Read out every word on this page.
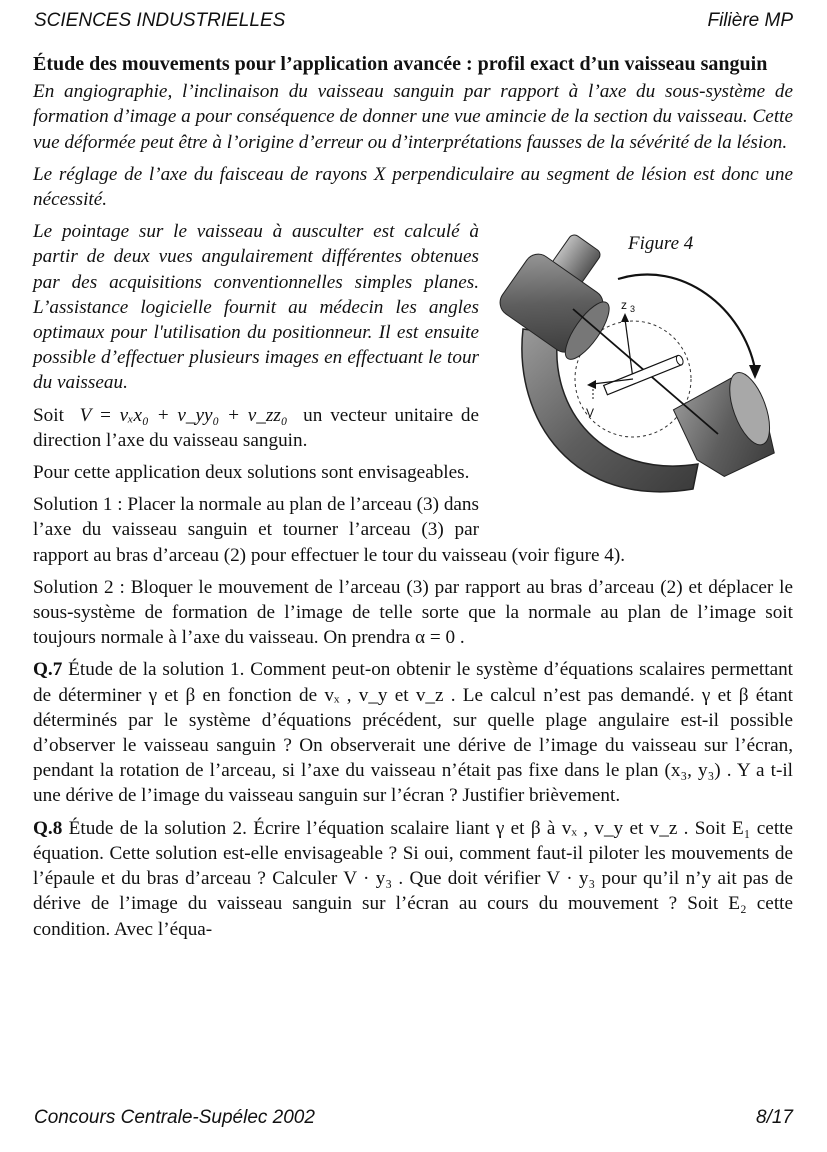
SCIENCES INDUSTRIELLES	Filière MP

Étude des mouvements pour l’application avancée : profil exact d’un vaisseau sanguin

En angiographie, l’inclinaison du vaisseau sanguin par rapport à l’axe du sous-système de formation d’image a pour conséquence de donner une vue amincie de la section du vaisseau. Cette vue déformée peut être à l’origine d’erreur ou d’interprétations fausses de la sévérité de la lésion.

Le réglage de l’axe du faisceau de rayons X perpendiculaire au segment de lésion est donc une nécessité.

z 3
V
Figure 4

Le pointage sur le vaisseau à ausculter est calculé à partir de deux vues angulairement différentes obtenues par des acquisitions conventionnelles simples planes. L’assistance logicielle fournit au médecin les angles optimaux pour l'utilisation du positionneur. Il est ensuite possible d’effectuer plusieurs images en effectuant le tour du vaisseau.

Soit V = vₓx₀ + v_yy₀ + v_zz₀ un vecteur unitaire de direction l’axe du vaisseau sanguin.

Pour cette application deux solutions sont envisageables.

Solution 1 : Placer la normale au plan de l’arceau (3) dans l’axe du vaisseau sanguin et tourner l’arceau (3) par rapport au bras d’arceau (2) pour effectuer le tour du vaisseau (voir figure 4).

Solution 2 : Bloquer le mouvement de l’arceau (3) par rapport au bras d’arceau (2) et déplacer le sous-système de formation de l’image de telle sorte que la normale au plan de l’image soit toujours normale à l’axe du vaisseau. On prendra α = 0 .

Q.7 Étude de la solution 1. Comment peut-on obtenir le système d’équations scalaires permettant de déterminer γ et β en fonction de vₓ , v_y et v_z . Le calcul n’est pas demandé. γ et β étant déterminés par le système d’équations précédent, sur quelle plage angulaire est-il possible d’observer le vaisseau sanguin ? On observerait une dérive de l’image du vaisseau sur l’écran, pendant la rotation de l’arceau, si l’axe du vaisseau n’était pas fixe dans le plan (x₃, y₃) . Y a t-il une dérive de l’image du vaisseau sanguin sur l’écran ? Justifier brièvement.

Q.8 Étude de la solution 2. Écrire l’équation scalaire liant γ et β à vₓ , v_y et v_z . Soit E₁ cette équation. Cette solution est-elle envisageable ? Si oui, comment faut-il piloter les mouvements de l’épaule et du bras d’arceau ? Calculer V · y₃ . Que doit vérifier V · y₃ pour qu’il n’y ait pas de dérive de l’image du vaisseau sanguin sur l’écran au cours du mouvement ? Soit E₂ cette condition. Avec l’équa-

Concours Centrale-Supélec 2002	8/17
